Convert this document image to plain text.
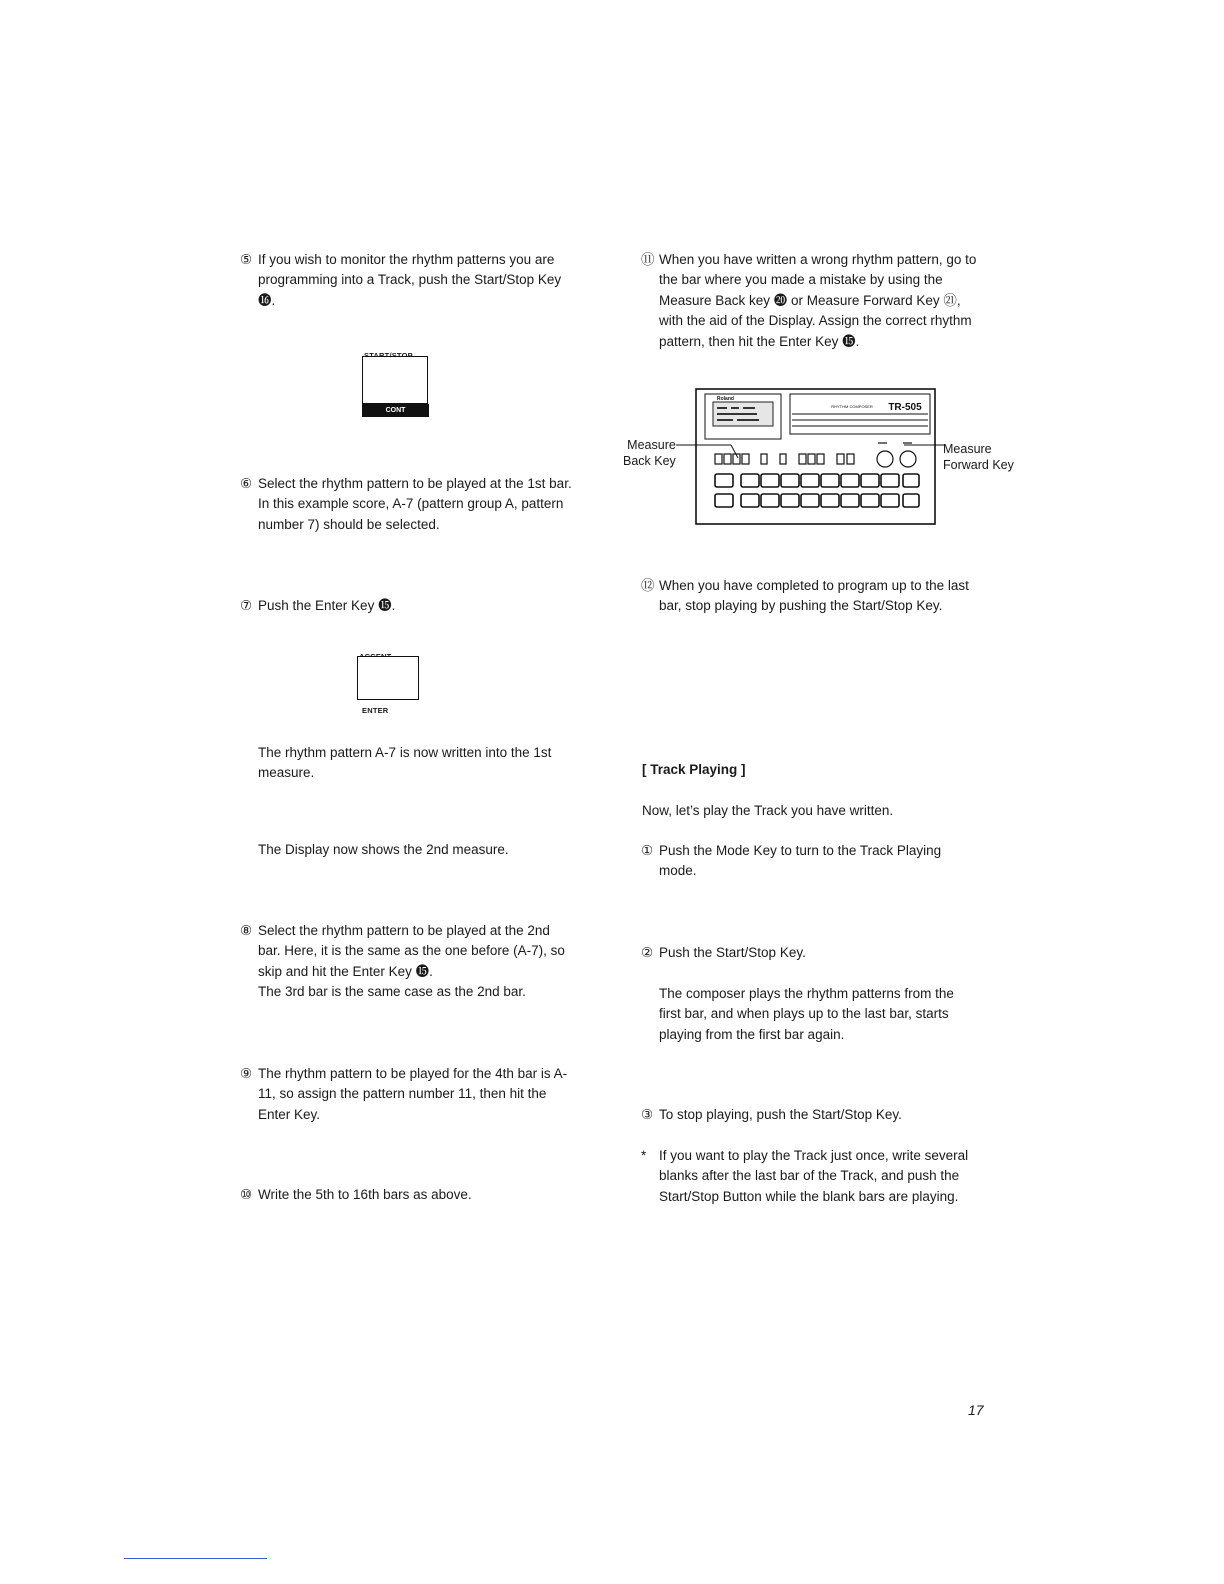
⑤ If you wish to monitor the rhythm patterns you are programming into a Track, push the Start/Stop Key ⓰.
CONT
⑥ Select the rhythm pattern to be played at the 1st bar. In this example score, A-7 (pattern group A, pattern number 7) should be selected.
⑦ Push the Enter Key ⓯.
ENTER
The rhythm pattern A-7 is now written into the 1st measure.
The Display now shows the 2nd measure.
⑧ Select the rhythm pattern to be played at the 2nd bar. Here, it is the same as the one before (A-7), so skip and hit the Enter Key ⓯.
The 3rd bar is the same case as the 2nd bar.
⑨ The rhythm pattern to be played for the 4th bar is A-11, so assign the pattern number 11, then hit the Enter Key.
⑩ Write the 5th to 16th bars as above.
⑪ When you have written a wrong rhythm pattern, go to the bar where you made a mistake by using the Measure Back key ⓴ or Measure Forward Key ㉑, with the aid of the Display. Assign the correct rhythm pattern, then hit the Enter Key ⓯.
TR-505
RHYTHM COMPOSER
Roland
Measure
Back Key
Measure
Forward Key
⑫ When you have completed to program up to the last bar, stop playing by pushing the Start/Stop Key.
[ Track Playing ]
Now, let’s play the Track you have written.
① Push the Mode Key to turn to the Track Playing mode.
② Push the Start/Stop Key.
The composer plays the rhythm patterns from the first bar, and when plays up to the last bar, starts playing from the first bar again.
③ To stop playing, push the Start/Stop Key.
* If you want to play the Track just once, write several blanks after the last bar of the Track, and push the Start/Stop Button while the blank bars are playing.
17
